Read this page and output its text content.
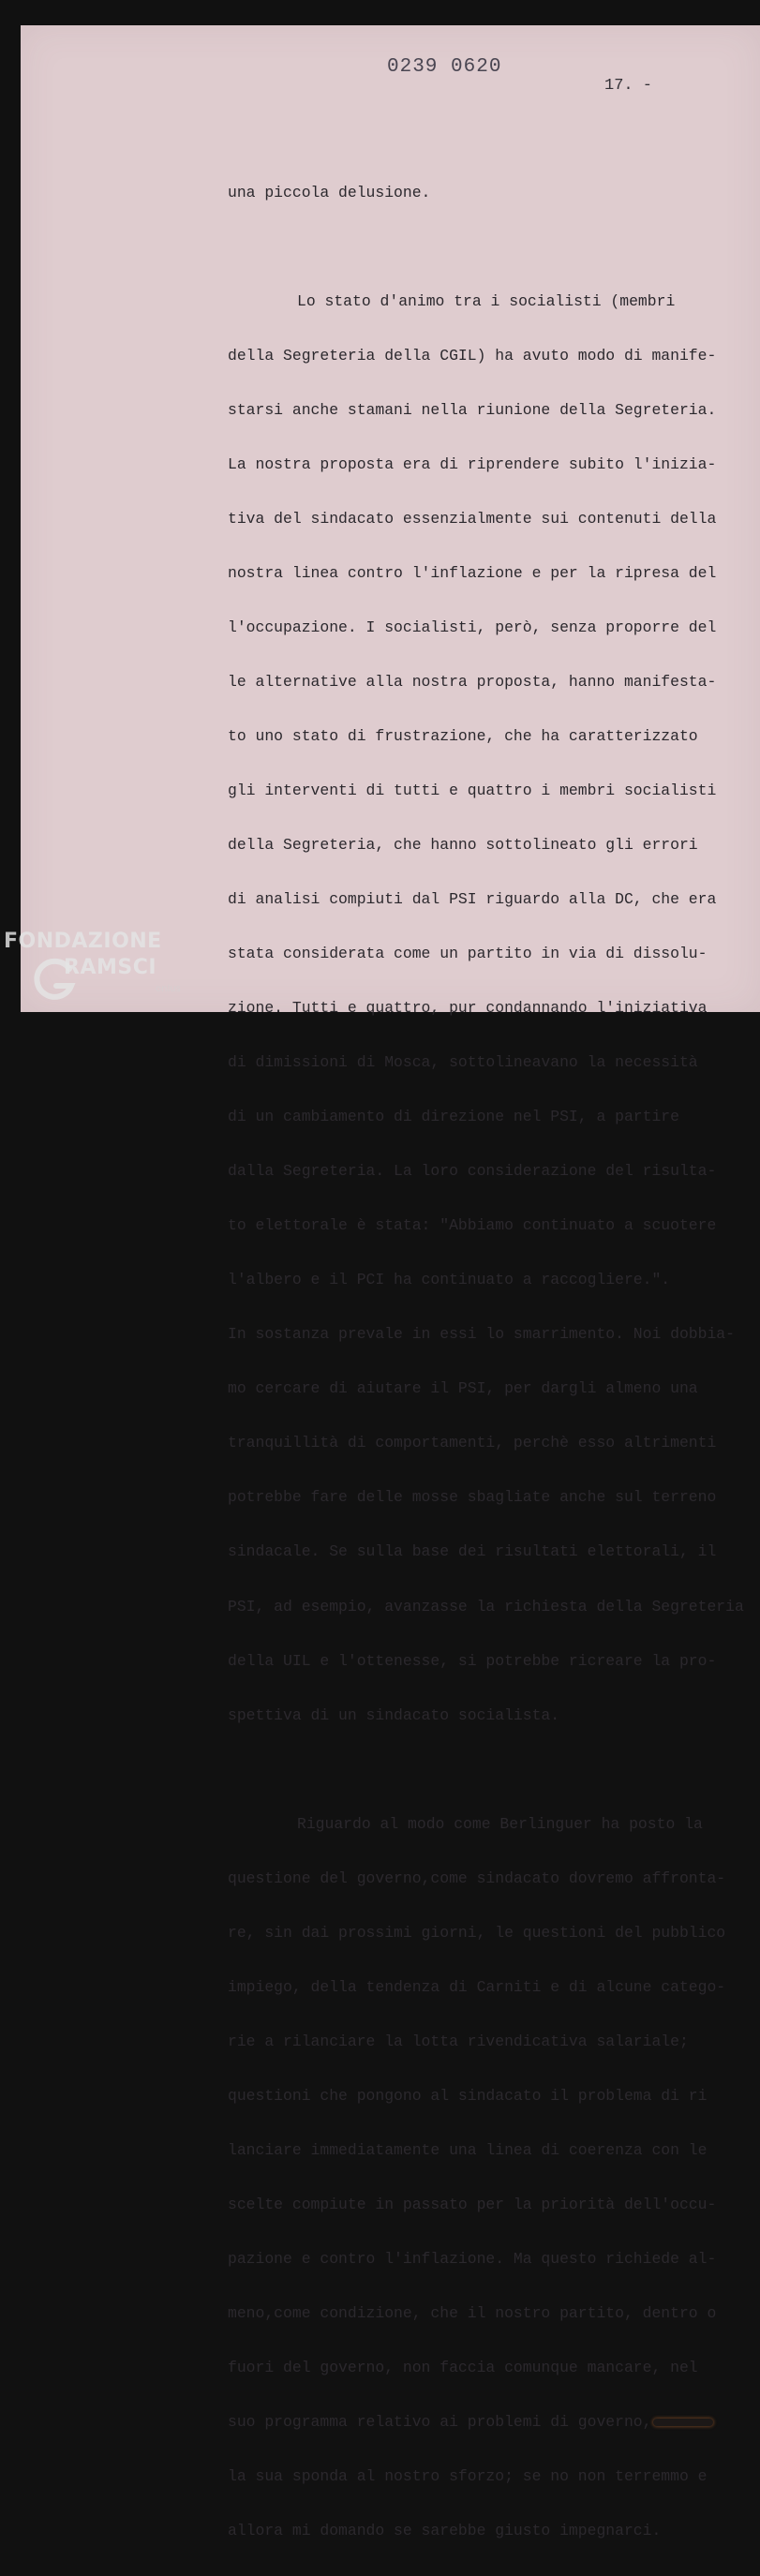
0239 0620
17. -

una piccola delusione.

Lo stato d'animo tra i socialisti (membri

della Segreteria della CGIL) ha avuto modo di manife-

starsi anche stamani nella riunione della Segreteria.

La nostra proposta era di riprendere subito l'inizia-

tiva del sindacato essenzialmente sui contenuti della

nostra linea contro l'inflazione e per la ripresa del

l'occupazione. I socialisti, però, senza proporre del

le alternative alla nostra proposta, hanno manifesta-

to uno stato di frustrazione, che ha caratterizzato

gli interventi di tutti e quattro i membri socialisti

della Segreteria, che hanno sottolineato gli errori

di analisi compiuti dal PSI riguardo alla DC, che era

stata considerata come un partito in via di dissolu-

zione. Tutti e quattro, pur condannando l'iniziativa

di dimissioni di Mosca, sottolineavano la necessità

di un cambiamento di direzione nel PSI, a partire

dalla Segreteria. La loro considerazione del risulta-

to elettorale è stata: "Abbiamo continuato a scuotere

l'albero e il PCI ha continuato a raccogliere.".

In sostanza prevale in essi lo smarrimento. Noi dobbia-

mo cercare di aiutare il PSI, per dargli almeno una

tranquillità di comportamenti, perchè esso altrimenti

potrebbe fare delle mosse sbagliate anche sul terreno

sindacale. Se sulla base dei risultati elettorali, il

PSI, ad esempio, avanzasse la richiesta della Segreteria

della UIL e l'ottenesse, si potrebbe ricreare la pro-

spettiva di un sindacato socialista.

Riguardo al modo come Berlinguer ha posto la

questione del governo,come sindacato dovremo affronta-

re, sin dai prossimi giorni, le questioni del pubblico

impiego, della tendenza di Carniti e di alcune catego-

rie a rilanciare la lotta rivendicativa salariale;

questioni che pongono al sindacato il problema di ri

lanciare immediatamente una linea di coerenza con le

scelte compiute in passato per la priorità dell'occu-

pazione e contro l'inflazione. Ma questo richiede al-

meno,come condizione, che il nostro partito, dentro o

fuori del governo, non faccia comunque mancare, nel

suo programma relativo ai problemi di governo,

la sua sponda al nostro sforzo; se no non terremmo e

allora mi domando se sarebbe giusto impegnarci.

FONDAZIONE
RAMSCI
onlus
